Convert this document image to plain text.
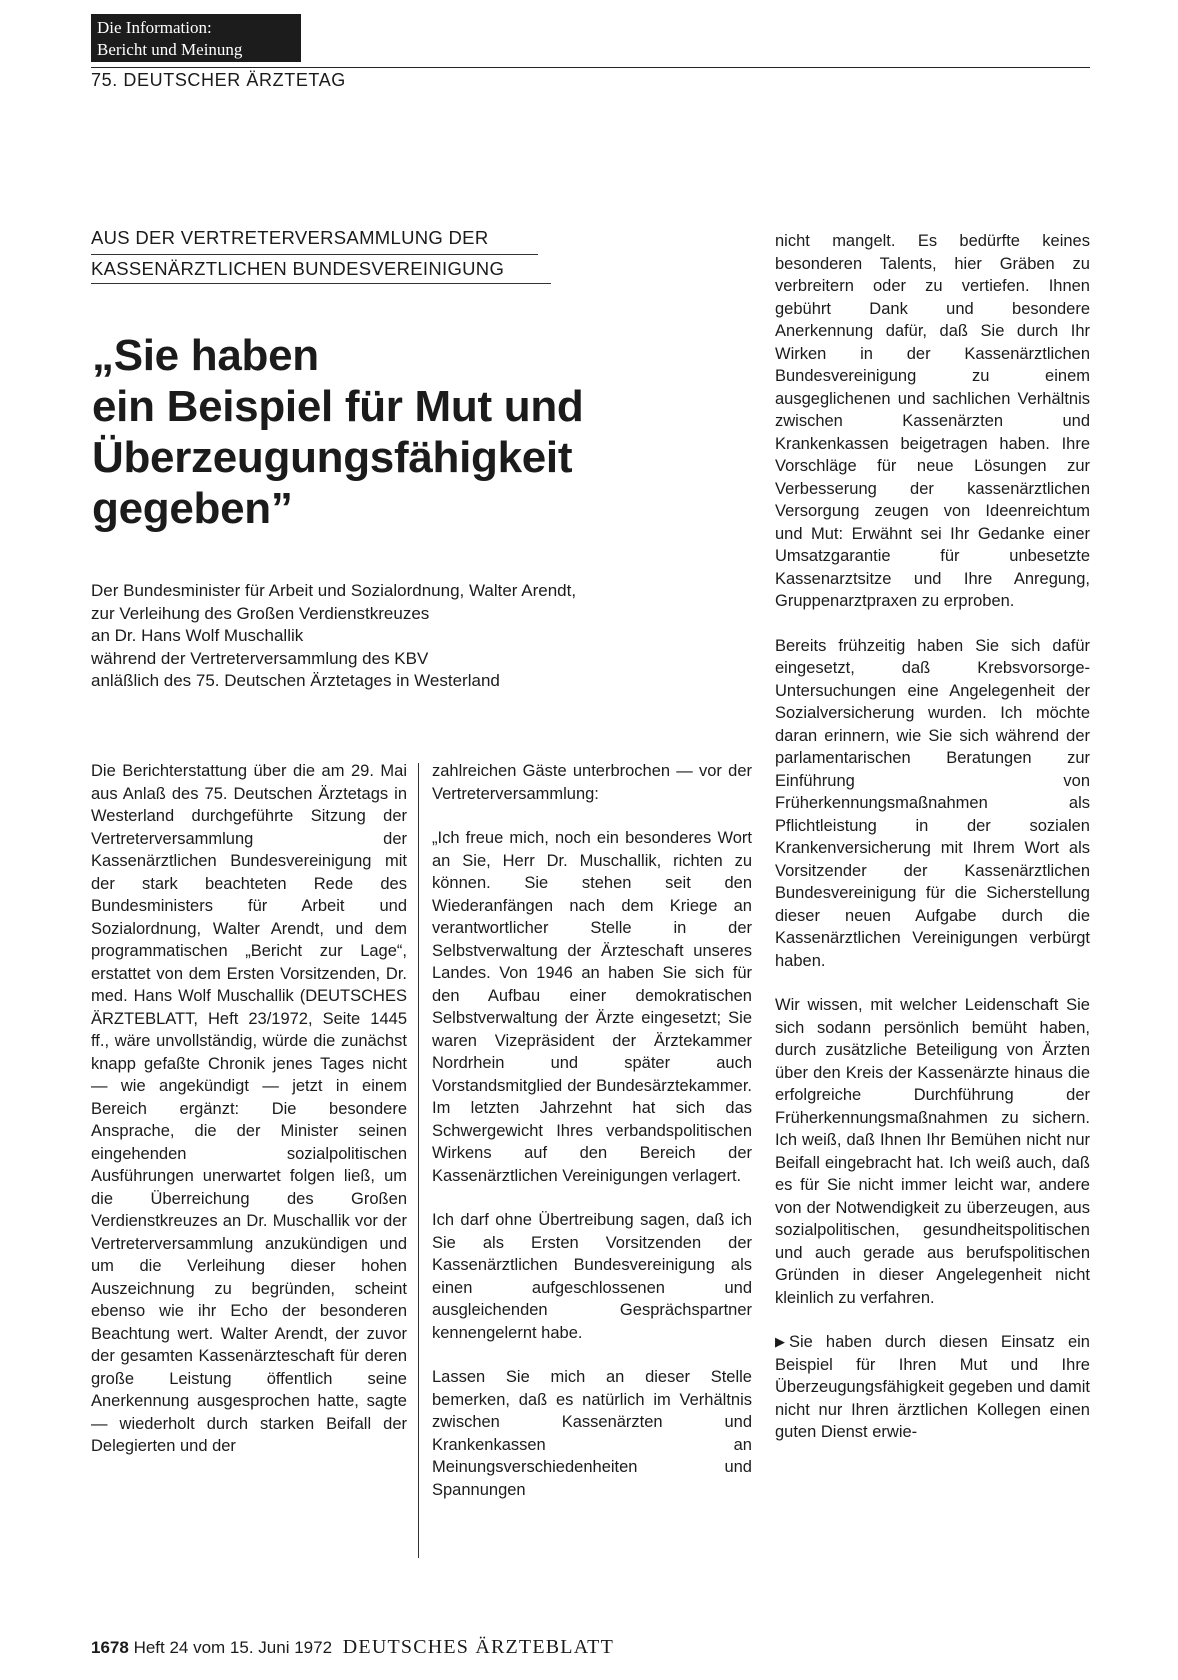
Die Information:
Bericht und Meinung
75. DEUTSCHER ÄRZTETAG
AUS DER VERTRETERVERSAMMLUNG DER
KASSENÄRZTLICHEN BUNDESVEREINIGUNG
„Sie haben
ein Beispiel für Mut und
Überzeugungsfähigkeit
gegeben”
Der Bundesminister für Arbeit und Sozialordnung, Walter Arendt,
zur Verleihung des Großen Verdienstkreuzes
an Dr. Hans Wolf Muschallik
während der Vertreterversammlung des KBV
anläßlich des 75. Deutschen Ärztetages in Westerland

Die Berichterstattung über die am 29. Mai aus Anlaß des 75. Deutschen Ärztetags in Westerland durchgeführte Sitzung der Vertreterversammlung der Kassenärztlichen Bundesvereinigung mit der stark beachteten Rede des Bundesministers für Arbeit und Sozialordnung, Walter Arendt, und dem programmatischen „Bericht zur Lage“, erstattet von dem Ersten Vorsitzenden, Dr. med. Hans Wolf Muschallik (DEUTSCHES ÄRZTEBLATT, Heft 23/1972, Seite 1445 ff., wäre unvollständig, würde die zunächst knapp gefaßte Chronik jenes Tages nicht — wie angekündigt — jetzt in einem Bereich ergänzt: Die besondere Ansprache, die der Minister seinen eingehenden sozialpolitischen Ausführungen unerwartet folgen ließ, um die Überreichung des Großen Verdienstkreuzes an Dr. Muschallik vor der Vertreterversammlung anzukündigen und um die Verleihung dieser hohen Auszeichnung zu begründen, scheint ebenso wie ihr Echo der besonderen Beachtung wert. Walter Arendt, der zuvor der gesamten Kassenärzteschaft für deren große Leistung öffentlich seine Anerkennung ausgesprochen hatte, sagte — wiederholt durch starken Beifall der Delegierten und der

zahlreichen Gäste unterbrochen — vor der Vertreterversammlung:

„Ich freue mich, noch ein besonderes Wort an Sie, Herr Dr. Muschallik, richten zu können. Sie stehen seit den Wiederanfängen nach dem Kriege an verantwortlicher Stelle in der Selbstverwaltung der Ärzteschaft unseres Landes. Von 1946 an haben Sie sich für den Aufbau einer demokratischen Selbstverwaltung der Ärzte eingesetzt; Sie waren Vizepräsident der Ärztekammer Nordrhein und später auch Vorstandsmitglied der Bundesärztekammer. Im letzten Jahrzehnt hat sich das Schwergewicht Ihres verbandspolitischen Wirkens auf den Bereich der Kassenärztlichen Vereinigungen verlagert.

Ich darf ohne Übertreibung sagen, daß ich Sie als Ersten Vorsitzenden der Kassenärztlichen Bundesvereinigung als einen aufgeschlossenen und ausgleichenden Gesprächspartner kennengelernt habe.

Lassen Sie mich an dieser Stelle bemerken, daß es natürlich im Verhältnis zwischen Kassenärzten und Krankenkassen an Meinungsverschiedenheiten und Spannungen

nicht mangelt. Es bedürfte keines besonderen Talents, hier Gräben zu verbreitern oder zu vertiefen. Ihnen gebührt Dank und besondere Anerkennung dafür, daß Sie durch Ihr Wirken in der Kassenärztlichen Bundesvereinigung zu einem ausgeglichenen und sachlichen Verhältnis zwischen Kassenärzten und Krankenkassen beigetragen haben. Ihre Vorschläge für neue Lösungen zur Verbesserung der kassenärztlichen Versorgung zeugen von Ideenreichtum und Mut: Erwähnt sei Ihr Gedanke einer Umsatzgarantie für unbesetzte Kassenarztsitze und Ihre Anregung, Gruppenarztpraxen zu erproben.

Bereits frühzeitig haben Sie sich dafür eingesetzt, daß Krebsvorsorge-Untersuchungen eine Angelegenheit der Sozialversicherung wurden. Ich möchte daran erinnern, wie Sie sich während der parlamentarischen Beratungen zur Einführung von Früherkennungsmaßnahmen als Pflichtleistung in der sozialen Krankenversicherung mit Ihrem Wort als Vorsitzender der Kassenärztlichen Bundesvereinigung für die Sicherstellung dieser neuen Aufgabe durch die Kassenärztlichen Vereinigungen verbürgt haben.

Wir wissen, mit welcher Leidenschaft Sie sich sodann persönlich bemüht haben, durch zusätzliche Beteiligung von Ärzten über den Kreis der Kassenärzte hinaus die erfolgreiche Durchführung der Früherkennungsmaßnahmen zu sichern. Ich weiß, daß Ihnen Ihr Bemühen nicht nur Beifall eingebracht hat. Ich weiß auch, daß es für Sie nicht immer leicht war, andere von der Notwendigkeit zu überzeugen, aus sozialpolitischen, gesundheitspolitischen und auch gerade aus berufspolitischen Gründen in dieser Angelegenheit nicht kleinlich zu verfahren.

▶ Sie haben durch diesen Einsatz ein Beispiel für Ihren Mut und Ihre Überzeugungsfähigkeit gegeben und damit nicht nur Ihren ärztlichen Kollegen einen guten Dienst erwie-

1678 Heft 24 vom 15. Juni 1972 DEUTSCHES ÄRZTEBLATT
